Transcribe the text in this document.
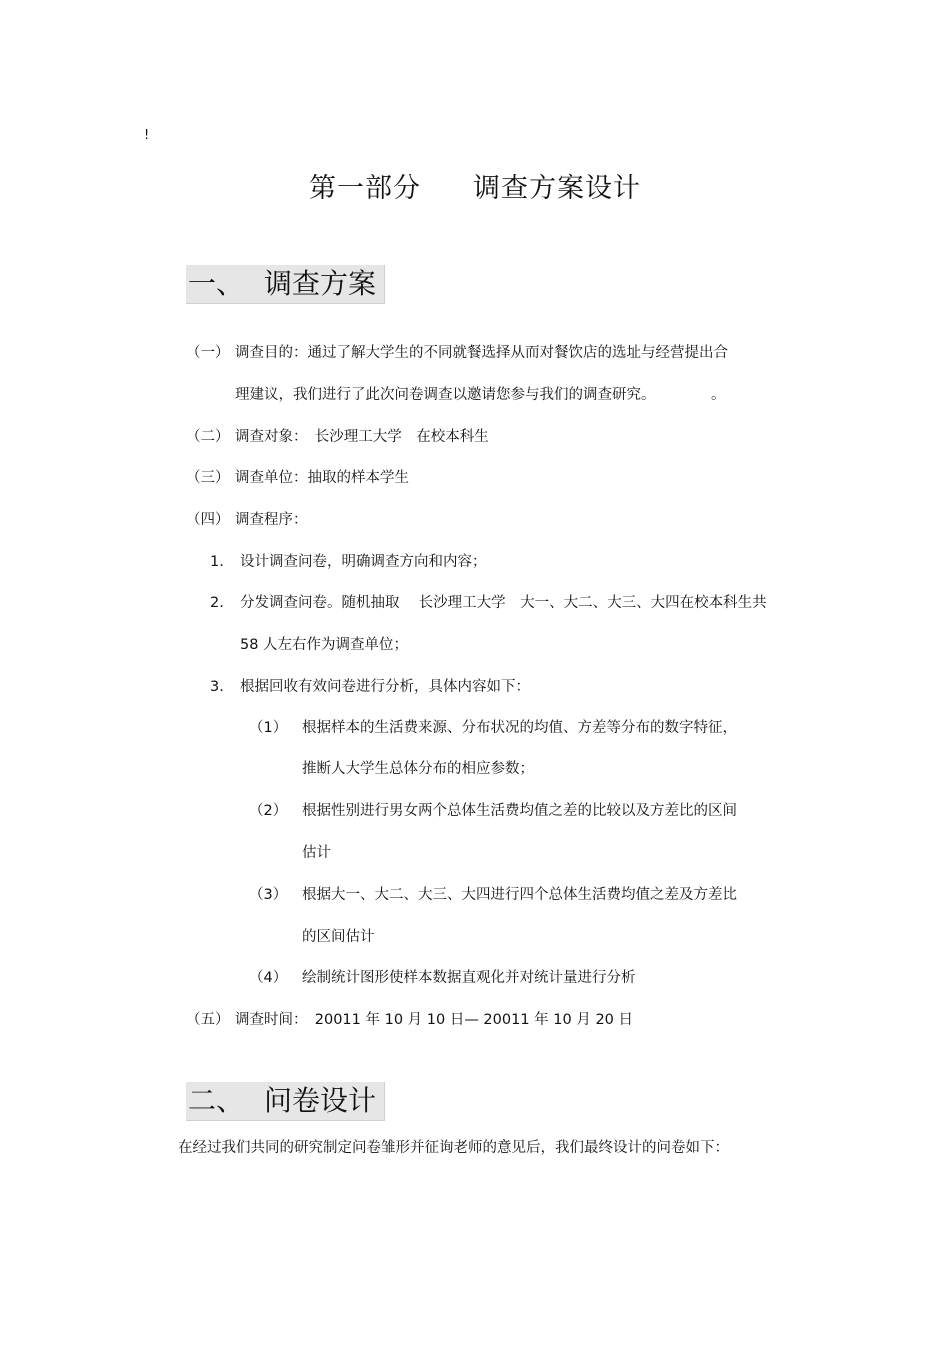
!
第一部分 调查方案设计
一、 调查方案
（一） 调查目的：通过了解大学生的不同就餐选择从而对餐饮店的选址与经营提出合
理建议，我们进行了此次问卷调查以邀请您参与我们的调查研究。	。
（二） 调查对象：　长沙理工大学　在校本科生
（三） 调查单位：抽取的样本学生
（四） 调查程序：
1. 设计调查问卷，明确调查方向和内容；
2. 分发调查问卷。随机抽取　 长沙理工大学　大一、大二、大三、大四在校本科生共
58 人左右作为调查单位；
3. 根据回收有效问卷进行分析，具体内容如下：
（1） 根据样本的生活费来源、分布状况的均值、方差等分布的数字特征，
推断人大学生总体分布的相应参数；
（2） 根据性别进行男女两个总体生活费均值之差的比较以及方差比的区间
估计
（3） 根据大一、大二、大三、大四进行四个总体生活费均值之差及方差比
的区间估计
（4） 绘制统计图形使样本数据直观化并对统计量进行分析
（五） 调查时间：　20011 年 10 月 10 日— 20011 年 10 月 20 日
二、 问卷设计
在经过我们共同的研究制定问卷雏形并征询老师的意见后，我们最终设计的问卷如下：
